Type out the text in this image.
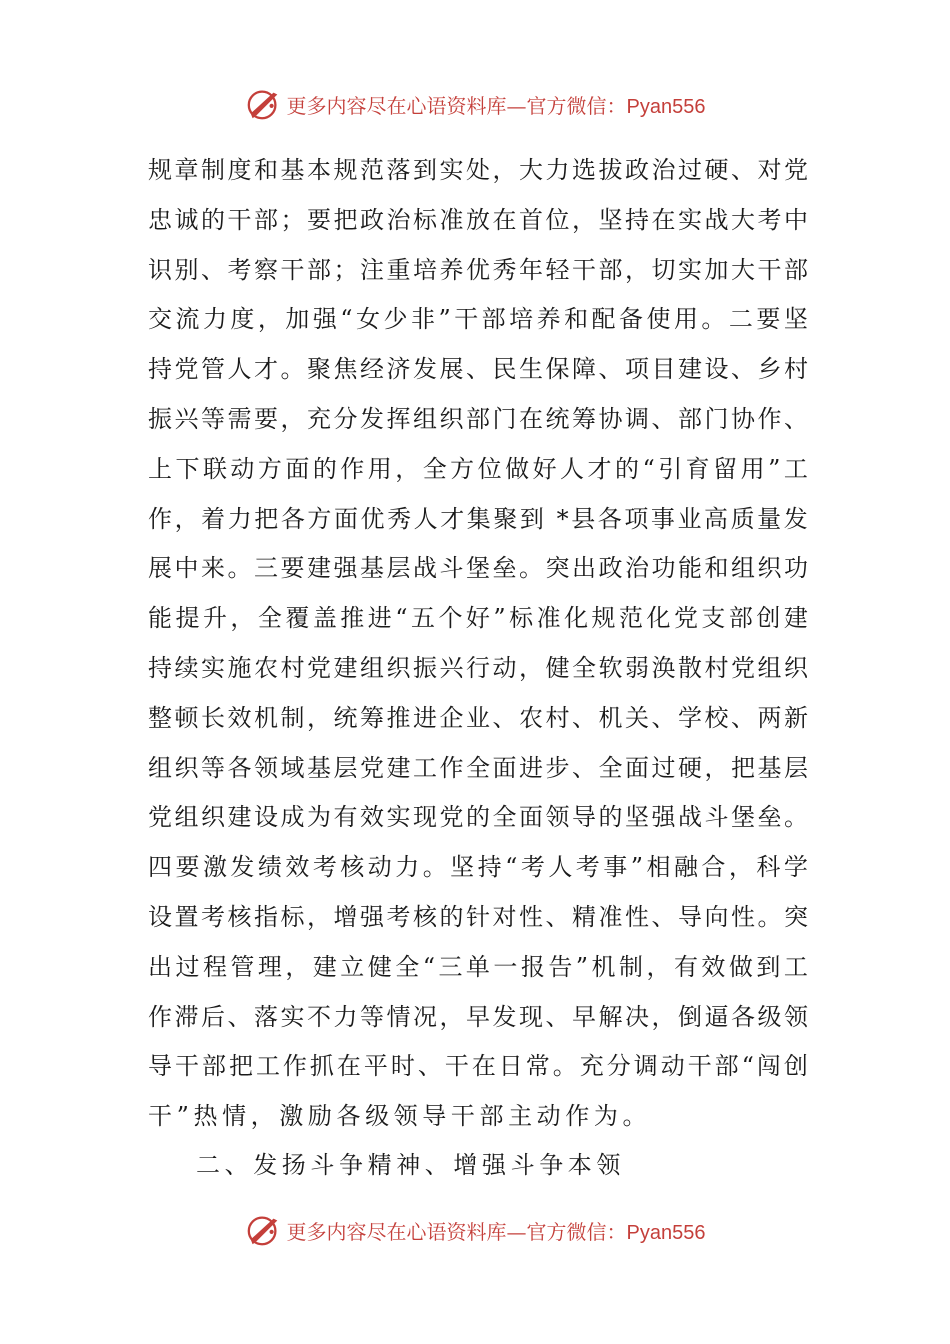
更多内容尽在心语资料库—官方微信：Pyan556
规 章 制 度 和 基 本 规 范 落 到 实 处 ， 大 力 选 拔 政 治 过 硬 、 对 党
忠 诚 的 干 部 ； 要 把 政 治 标 准 放 在 首 位 ， 坚 持 在 实 战 大 考 中
识 别 、 考 察 干 部 ； 注 重 培 养 优 秀 年 轻 干 部 ， 切 实 加 大 干 部
交 流 力 度 ， 加 强 “ 女 少 非 ” 干 部 培 养 和 配 备 使 用 。 二 要 坚
持 党 管 人 才 。 聚 焦 经 济 发 展 、 民 生 保 障 、 项 目 建 设 、 乡 村
振 兴 等 需 要 ， 充 分 发 挥 组 织 部 门 在 统 筹 协 调 、 部 门 协 作 、
上 下 联 动 方 面 的 作 用 ， 全 方 位 做 好 人 才 的 “ 引 育 留 用 ” 工
作 ， 着 力 把 各 方 面 优 秀 人 才 集 聚 到
* 县 各 项 事 业 高 质 量 发
展 中 来 。 三 要 建 强 基 层 战 斗 堡 垒 。 突 出 政 治 功 能 和 组 织 功
能 提 升 ， 全 覆 盖 推 进 “ 五 个 好 ” 标 准 化 规 范 化 党 支 部 创 建
持 续 实 施 农 村 党 建 组 织 振 兴 行 动 ， 健 全 软 弱 涣 散 村 党 组 织
整 顿 长 效 机 制 ， 统 筹 推 进 企 业 、 农 村 、 机 关 、 学 校 、 两 新
组 织 等 各 领 域 基 层 党 建 工 作 全 面 进 步 、 全 面 过 硬 ， 把 基 层
党 组 织 建 设 成 为 有 效 实 现 党 的 全 面 领 导 的 坚 强 战 斗 堡 垒 。
四 要 激 发 绩 效 考 核 动 力 。 坚 持 “ 考 人 考 事 ” 相 融 合 ， 科 学
设 置 考 核 指 标 ， 增 强 考 核 的 针 对 性 、 精 准 性 、 导 向 性 。 突
出 过 程 管 理 ， 建 立 健 全 “ 三 单 一 报 告 ” 机 制 ， 有 效 做 到 工
作 滞 后 、 落 实 不 力 等 情 况 ， 早 发 现 、 早 解 决 ， 倒 逼 各 级 领
导 干 部 把 工 作 抓 在 平 时 、 干 在 日 常 。 充 分 调 动 干 部 “ 闯 创
干”热情，激励各级领导干部主动作为。
二、发扬斗争精神、增强斗争本领
更多内容尽在心语资料库—官方微信：Pyan556
